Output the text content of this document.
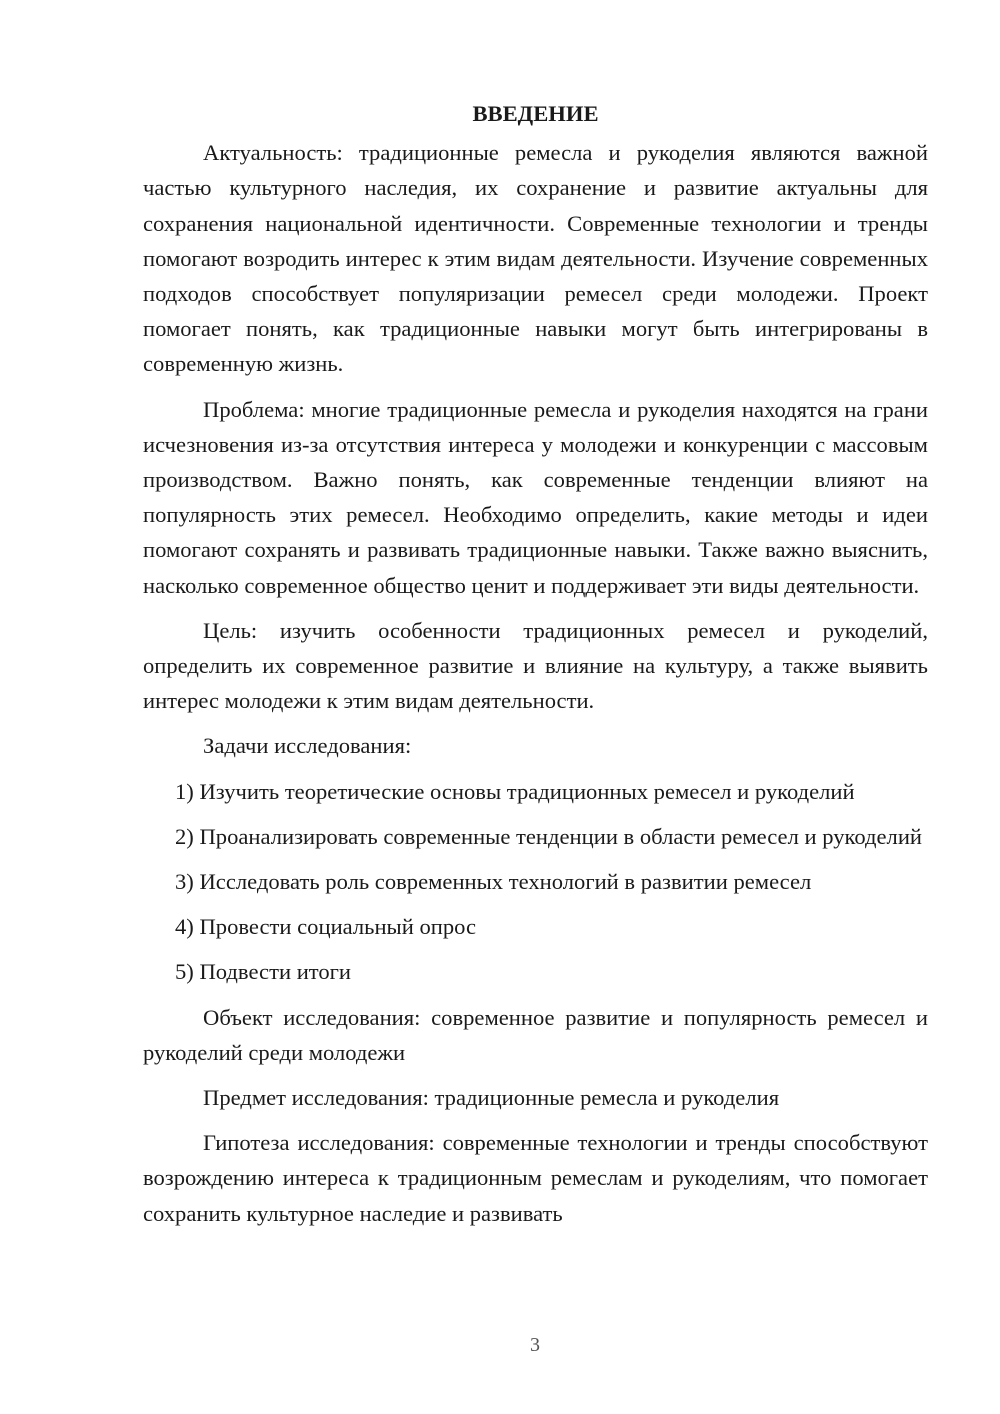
ВВЕДЕНИЕ

Актуальность: традиционные ремесла и рукоделия являются важной частью культурного наследия, их сохранение и развитие актуальны для сохранения национальной идентичности. Современные технологии и тренды помогают возродить интерес к этим видам деятельности. Изучение современных подходов способствует популяризации ремесел среди молодежи. Проект помогает понять, как традиционные навыки могут быть интегрированы в современную жизнь.

Проблема: многие традиционные ремесла и рукоделия находятся на грани исчезновения из-за отсутствия интереса у молодежи и конкуренции с массовым производством. Важно понять, как современные тенденции влияют на популярность этих ремесел. Необходимо определить, какие методы и идеи помогают сохранять и развивать традиционные навыки. Также важно выяснить, насколько современное общество ценит и поддерживает эти виды деятельности.

Цель: изучить особенности традиционных ремесел и рукоделий, определить их современное развитие и влияние на культуру, а также выявить интерес молодежи к этим видам деятельности.

Задачи исследования:

1) Изучить теоретические основы традиционных ремесел и рукоделий

2) Проанализировать современные тенденции в области ремесел и рукоделий

3) Исследовать роль современных технологий в развитии ремесел

4) Провести социальный опрос

5) Подвести итоги

Объект исследования: современное развитие и популярность ремесел и рукоделий среди молодежи

Предмет исследования: традиционные ремесла и рукоделия

Гипотеза исследования: современные технологии и тренды способствуют возрождению интереса к традиционным ремеслам и рукоделиям, что помогает сохранить культурное наследие и развивать

3
